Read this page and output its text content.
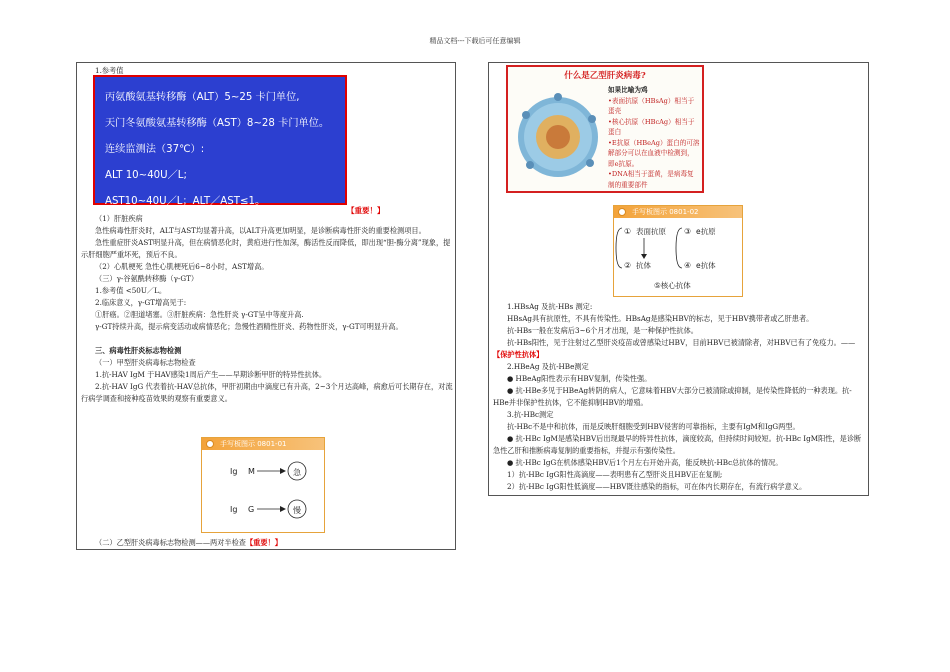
精品文档---下载后可任意编辑
1.参考值
丙氨酸氨基转移酶（ALT）5~25 卡门单位,
天门冬氨酸氨基转移酶（AST）8~28 卡门单位。
连续监测法（37℃）:
ALT 10~40U／L;
AST10~40U／L；ALT／AST≤1。
【重要！】
（1）肝脏疾病
急性病毒性肝炎时，ALT与AST均显著升高，以ALT升高更加明显，是诊断病毒性肝炎的重要检测项目。
急性重症肝炎AST明显升高，但在病情恶化时，黄疸进行性加深，酶活性反而降低，即出现“胆-酶分离”现象，提示肝细胞严重坏死，预后不良。
（2）心肌梗死 急性心肌梗死后6~8小时，AST增高。
（三）γ-谷氨酰转移酶（γ-GT）
1.参考值 <50U／L。
2.临床意义，γ-GT增高见于:
①肝癌。②胆道堵塞。③肝脏疾病：急性肝炎 γ-GT呈中等度升高.
γ-GT持续升高，提示病变活动或病情恶化；急慢性酒精性肝炎、药物性肝炎，γ-GT可明显升高。
三、病毒性肝炎标志物检测
（一）甲型肝炎病毒标志物检查
1.抗-HAV IgM 于HAV感染1周后产生——早期诊断甲肝的特异性抗体。
2.抗-HAV IgG 代表着抗-HAV总抗体，甲肝初期由中滴度已有升高，2~3个月达高峰，病愈后可长期存在，对流行病学调查和接种疫苗效果的观察有重要意义。
手写板图示 0801-01
Ig M	急
Ig G	慢
（二）乙型肝炎病毒标志物检测——两对半检查【重要！】
什么是乙型肝炎病毒?
如果比喻为鸡
•表面抗原（HBsAg）相当于蛋壳
•核心抗原（HBcAg）相当于蛋白
•E抗原（HBeAg）蛋白的可溶解部分可以在血液中检测到，即e抗原。
•DNA相当于蛋黄，是病毒复制的重要部件
手写板图示 0801-02
① 表面抗原
② 抗体
③ e抗原
④ e抗体
⑤核心抗体
1.HBsAg 及抗-HBs 测定:
HBsAg具有抗原性，不具有传染性。HBsAg是感染HBV的标志，见于HBV携带者或乙肝患者。
抗-HBs一般在发病后3~6个月才出现，是一种保护性抗体。
抗-HBs阳性，见于注射过乙型肝炎疫苗或曾感染过HBV，目前HBV已被清除者，对HBV已有了免疫力。——【保护性抗体】
2.HBeAg 及抗-HBe测定
● HBeAg阳性表示有HBV复制，传染性强。
● 抗-HBe多见于HBeAg转阴的病人，它意味着HBV大部分已被清除或抑制，是传染性降低的一种表现。抗-HBe并非保护性抗体，它不能抑制HBV的增殖。
3.抗-HBc测定
抗-HBc不是中和抗体，而是反映肝细胞受到HBV侵害的可靠指标，主要有IgM和IgG两型。
● 抗-HBc IgM是感染HBV后出现最早的特异性抗体，滴度较高，但持续时间较短。抗-HBc IgM阳性，是诊断急性乙肝和推断病毒复制的重要指标，并提示有强传染性。
● 抗-HBc IgG在机体感染HBV后1个月左右开始升高，能反映抗-HBc总抗体的情况。
1）抗-HBc IgG阳性高滴度——表明患有乙型肝炎且HBV正在复制;
2）抗-HBc IgG阳性低滴度——HBV既往感染的指标，可在体内长期存在，有流行病学意义。
